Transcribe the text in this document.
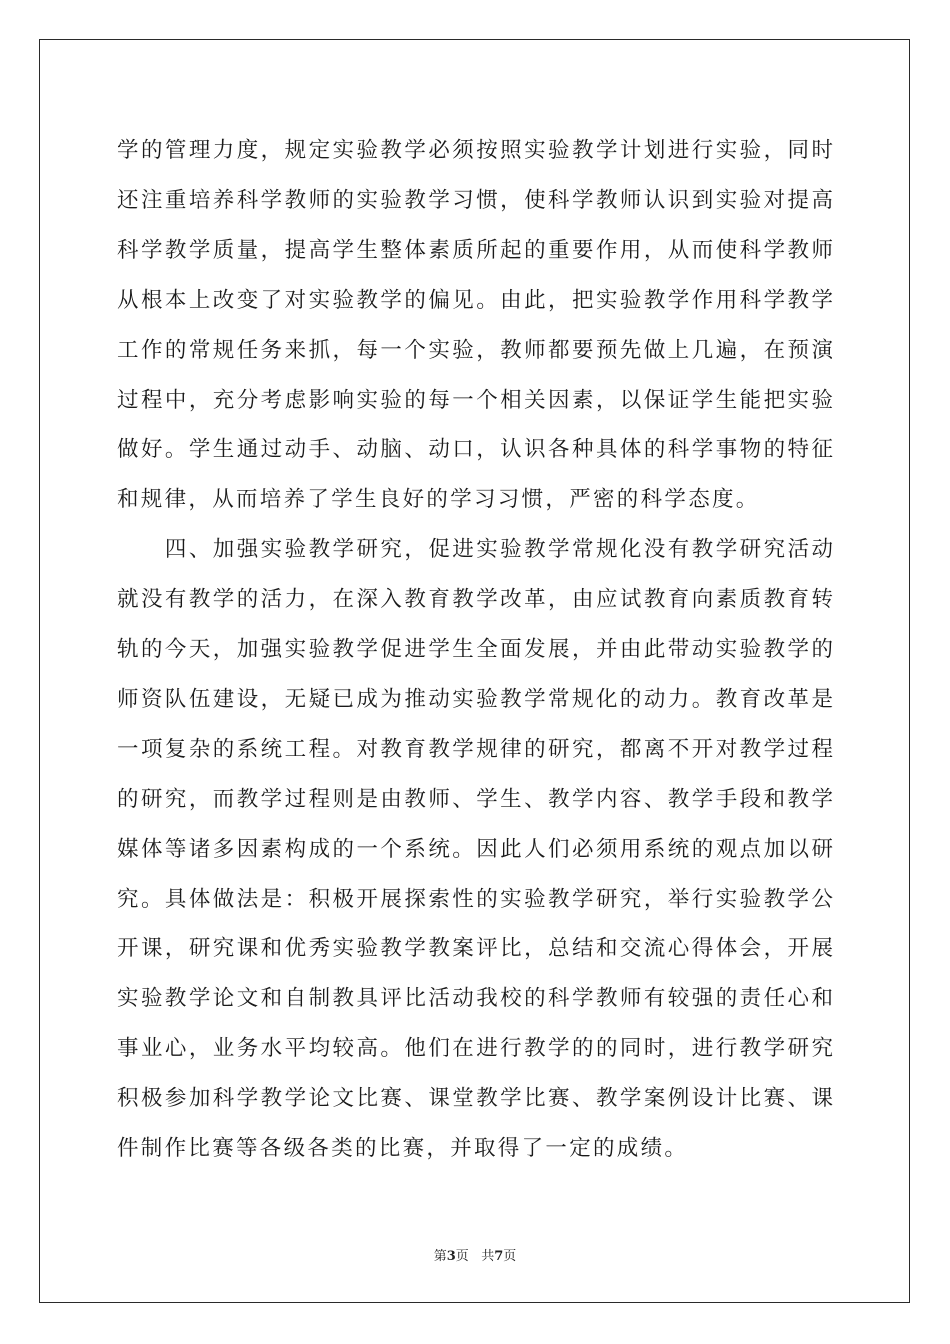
学的管理力度，规定实验教学必须按照实验教学计划进行实验，同时
还注重培养科学教师的实验教学习惯，使科学教师认识到实验对提高
科学教学质量，提高学生整体素质所起的重要作用，从而使科学教师
从根本上改变了对实验教学的偏见。由此，把实验教学作用科学教学
工作的常规任务来抓，每一个实验，教师都要预先做上几遍，在预演
过程中，充分考虑影响实验的每一个相关因素，以保证学生能把实验
做好。学生通过动手、动脑、动口，认识各种具体的科学事物的特征
和规律，从而培养了学生良好的学习习惯，严密的科学态度。
　　四、加强实验教学研究，促进实验教学常规化没有教学研究活动
就没有教学的活力，在深入教育教学改革，由应试教育向素质教育转
轨的今天，加强实验教学促进学生全面发展，并由此带动实验教学的
师资队伍建设，无疑已成为推动实验教学常规化的动力。教育改革是
一项复杂的系统工程。对教育教学规律的研究，都离不开对教学过程
的研究，而教学过程则是由教师、学生、教学内容、教学手段和教学
媒体等诸多因素构成的一个系统。因此人们必须用系统的观点加以研
究。具体做法是：积极开展探索性的实验教学研究，举行实验教学公
开课，研究课和优秀实验教学教案评比，总结和交流心得体会，开展
实验教学论文和自制教具评比活动我校的科学教师有较强的责任心和
事业心，业务水平均较高。他们在进行教学的的同时，进行教学研究
积极参加科学教学论文比赛、课堂教学比赛、教学案例设计比赛、课
件制作比赛等各级各类的比赛，并取得了一定的成绩。
第3页 共7页
